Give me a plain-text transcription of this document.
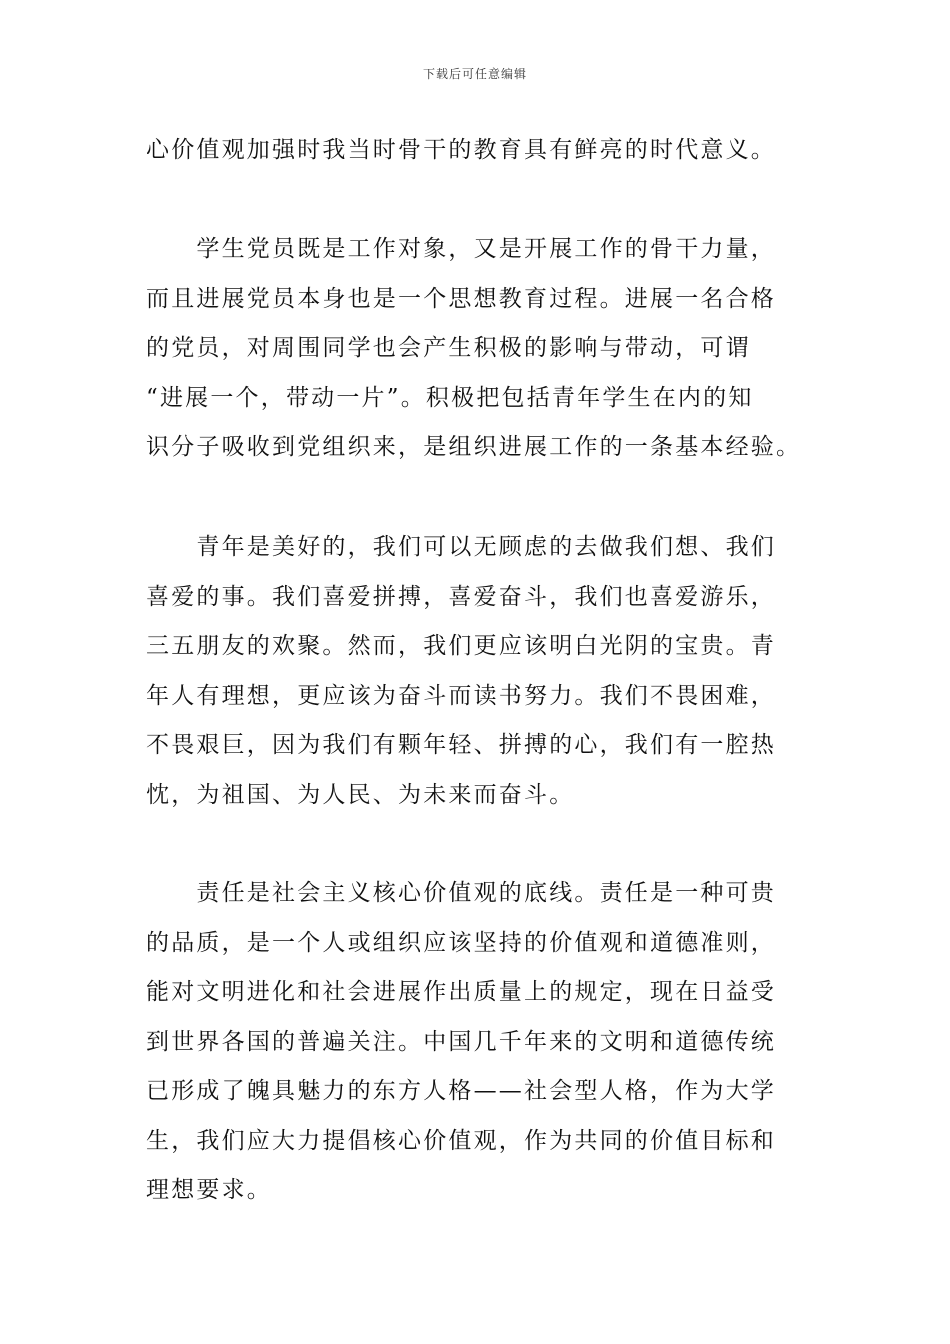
下载后可任意编辑
心价值观加强时我当时骨干的教育具有鲜亮的时代意义。
　　学生党员既是工作对象，又是开展工作的骨干力量，
而且进展党员本身也是一个思想教育过程。进展一名合格
的党员，对周围同学也会产生积极的影响与带动，可谓
“进展一个，带动一片”。积极把包括青年学生在内的知
识分子吸收到党组织来，是组织进展工作的一条基本经验。
　　青年是美好的，我们可以无顾虑的去做我们想、我们
喜爱的事。我们喜爱拼搏，喜爱奋斗，我们也喜爱游乐，
三五朋友的欢聚。然而，我们更应该明白光阴的宝贵。青
年人有理想，更应该为奋斗而读书努力。我们不畏困难，
不畏艰巨，因为我们有颗年轻、拼搏的心，我们有一腔热
忱，为祖国、为人民、为未来而奋斗。
　　责任是社会主义核心价值观的底线。责任是一种可贵
的品质，是一个人或组织应该坚持的价值观和道德准则，
能对文明进化和社会进展作出质量上的规定，现在日益受
到世界各国的普遍关注。中国几千年来的文明和道德传统
已形成了魄具魅力的东方人格——社会型人格，作为大学
生，我们应大力提倡核心价值观，作为共同的价值目标和
理想要求。
